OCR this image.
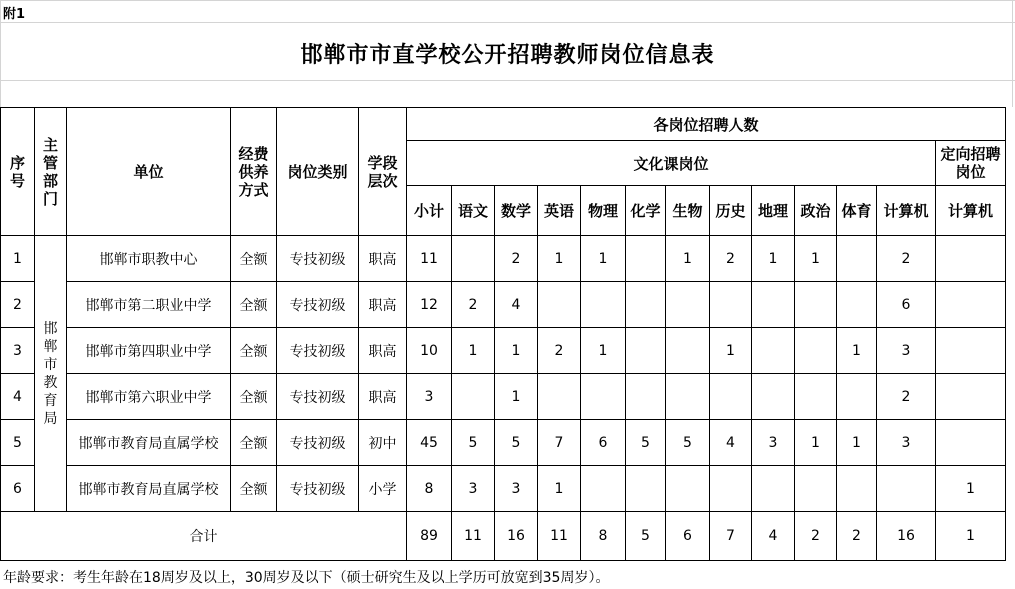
附1
邯郸市市直学校公开招聘教师岗位信息表
序号	主管部门	单位	经费供养方式	岗位类别	学段层次	各岗位招聘人数												
						文化课岗位												定向招聘岗位
						小计	语文	数学	英语	物理	化学	生物	历史	地理	政治	体育	计算机	计算机
1	邯郸市教育局	邯郸市职教中心	全额	专技初级	职高	11		2	1	1		1	2	1	1		2	
2		邯郸市第二职业中学	全额	专技初级	职高	12	2	4									6	
3		邯郸市第四职业中学	全额	专技初级	职高	10	1	1	2	1			1			1	3	
4		邯郸市第六职业中学	全额	专技初级	职高	3		1									2	
5		邯郸市教育局直属学校	全额	专技初级	初中	45	5	5	7	6	5	5	4	3	1	1	3	
6		邯郸市教育局直属学校	全额	专技初级	小学	8	3	3	1									1
合计						89	11	16	11	8	5	6	7	4	2	2	16	1
年龄要求：考生年龄在18周岁及以上，30周岁及以下（硕士研究生及以上学历可放宽到35周岁）。
